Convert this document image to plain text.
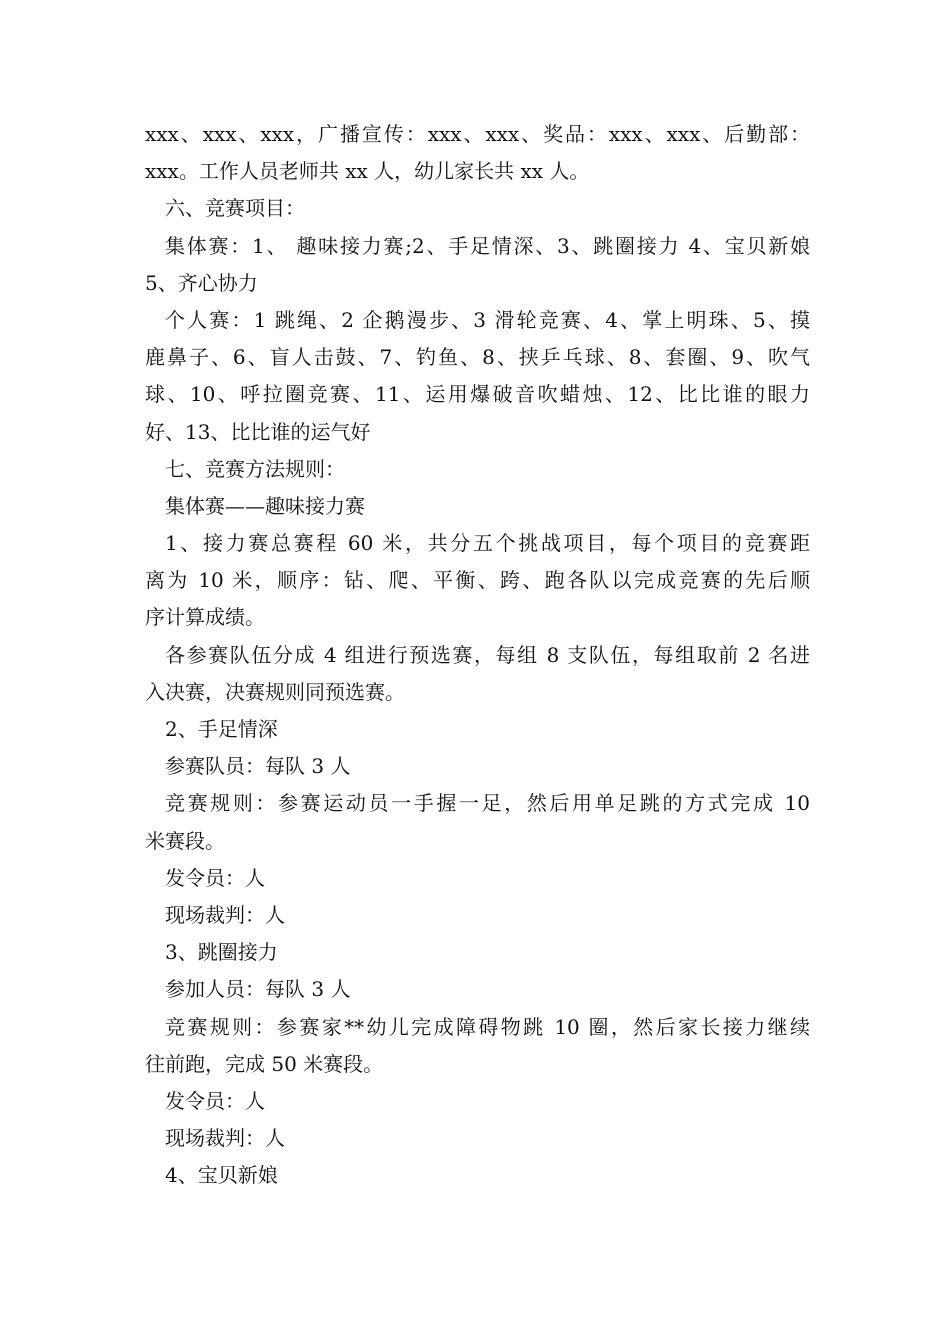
xxx、xxx、xxx，广播宣传：xxx、xxx、奖品：xxx、xxx、后勤部：
xxx。工作人员老师共 xx 人，幼儿家长共 xx 人。
六、竞赛项目：
集体赛：1、 趣味接力赛;2、手足情深、3、跳圈接力 4、宝贝新娘
5、齐心协力
个人赛：1 跳绳、2 企鹅漫步、3 滑轮竞赛、4、掌上明珠、5、摸
鹿鼻子、6、盲人击鼓、7、钓鱼、8、挟乒乓球、8、套圈、9、吹气
球、10、呼拉圈竞赛、11、运用爆破音吹蜡烛、12、比比谁的眼力
好、13、比比谁的运气好
七、竞赛方法规则：
集体赛——趣味接力赛
1、接力赛总赛程 60 米，共分五个挑战项目，每个项目的竞赛距
离为 10 米，顺序：钻、爬、平衡、跨、跑各队以完成竞赛的先后顺
序计算成绩。
各参赛队伍分成 4 组进行预选赛，每组 8 支队伍，每组取前 2 名进
入决赛，决赛规则同预选赛。
2、手足情深
参赛队员：每队 3 人
竞赛规则：参赛运动员一手握一足，然后用单足跳的方式完成 10
米赛段。
发令员：人
现场裁判：人
3、跳圈接力
参加人员：每队 3 人
竞赛规则：参赛家**幼儿完成障碍物跳 10 圈，然后家长接力继续
往前跑，完成 50 米赛段。
发令员：人
现场裁判：人
4、宝贝新娘
